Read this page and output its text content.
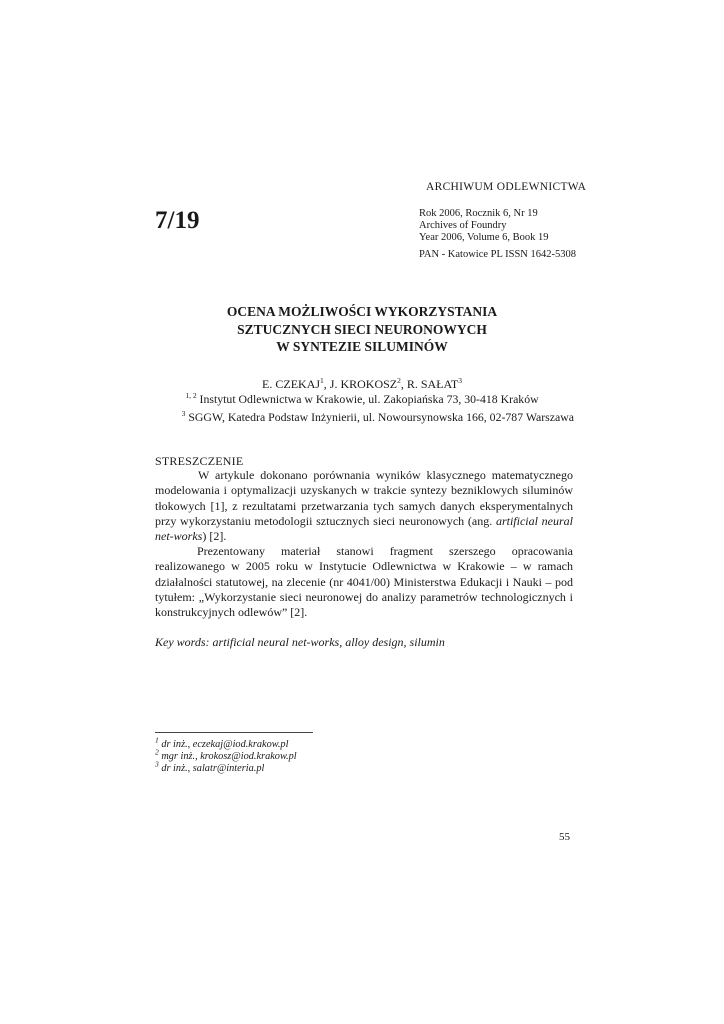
ARCHIWUM ODLEWNICTWA
7/19	Rok 2006, Rocznik 6, Nr 19
Archives of Foundry
Year 2006, Volume 6, Book 19
PAN - Katowice PL ISSN 1642-5308
OCENA MOŻLIWOŚCI WYKORZYSTANIA
SZTUCZNYCH SIECI NEURONOWYCH
W SYNTEZIE SILUMINÓW
E. CZEKAJ$^1$, J. KROKOSZ$^2$, R. SAŁAT$^3$
$^{1, 2}$ Instytut Odlewnictwa w Krakowie, ul. Zakopiańska 73, 30-418 Kraków
$^3$ SGGW, Katedra Podstaw Inżynierii, ul. Nowoursynowska 166, 02-787 Warszawa
STRESZCZENIE
W artykule dokonano porównania wyników klasycznego matematycznego modelowania i optymalizacji uzyskanych w trakcie syntezy bezniklowych siluminów tłokowych [1], z rezultatami przetwarzania tych samych danych eksperymentalnych przy wykorzystaniu metodologii sztucznych sieci neuronowych (ang. artificial neural net-works) [2].
Prezentowany materiał stanowi fragment szerszego opracowania realizowanego w 2005 roku w Instytucie Odlewnictwa w Krakowie – w ramach działalności statutowej, na zlecenie (nr 4041/00) Ministerstwa Edukacji i Nauki – pod tytułem: „Wykorzystanie sieci neuronowej do analizy parametrów technologicznych i konstrukcyjnych odlewów” [2].
Key words: artificial neural net-works, alloy design, silumin
$^1$ dr inż., eczekaj@iod.krakow.pl
$^2$ mgr inż., krokosz@iod.krakow.pl
$^3$ dr inż., salatr@interia.pl
55
